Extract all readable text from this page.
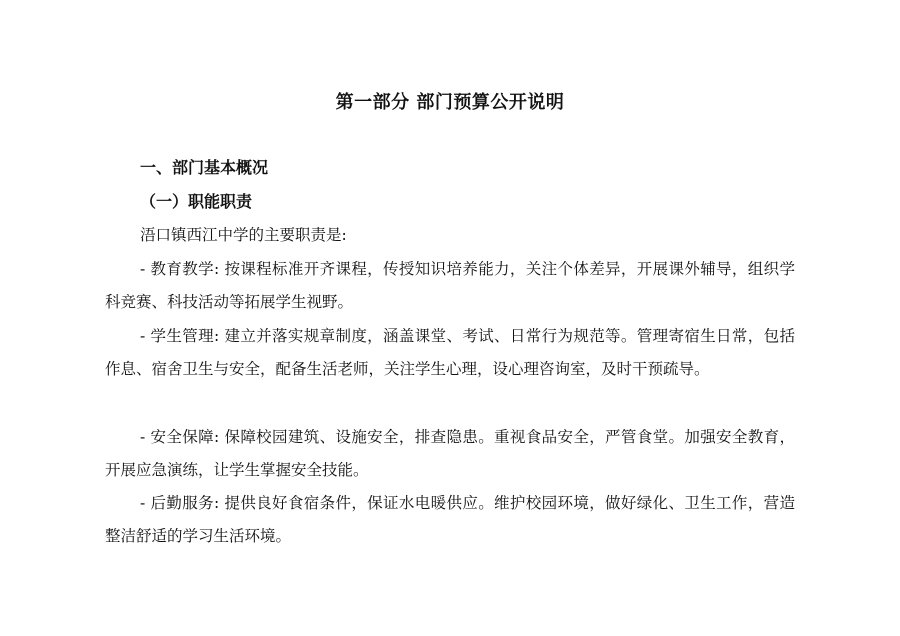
第一部分 部门预算公开说明
一、部门基本概况
（一）职能职责

浯口镇西江中学的主要职责是:

- 教育教学: 按课程标准开齐课程，传授知识培养能力，关注个体差异，开展课外辅导，组织学科竞赛、科技活动等拓展学生视野。

- 学生管理: 建立并落实规章制度，涵盖课堂、考试、日常行为规范等。管理寄宿生日常，包括作息、宿舍卫生与安全，配备生活老师，关注学生心理，设心理咨询室，及时干预疏导。

- 安全保障: 保障校园建筑、设施安全，排查隐患。重视食品安全，严管食堂。加强安全教育，开展应急演练，让学生掌握安全技能。

- 后勤服务: 提供良好食宿条件，保证水电暖供应。维护校园环境，做好绿化、卫生工作，营造整洁舒适的学习生活环境。
